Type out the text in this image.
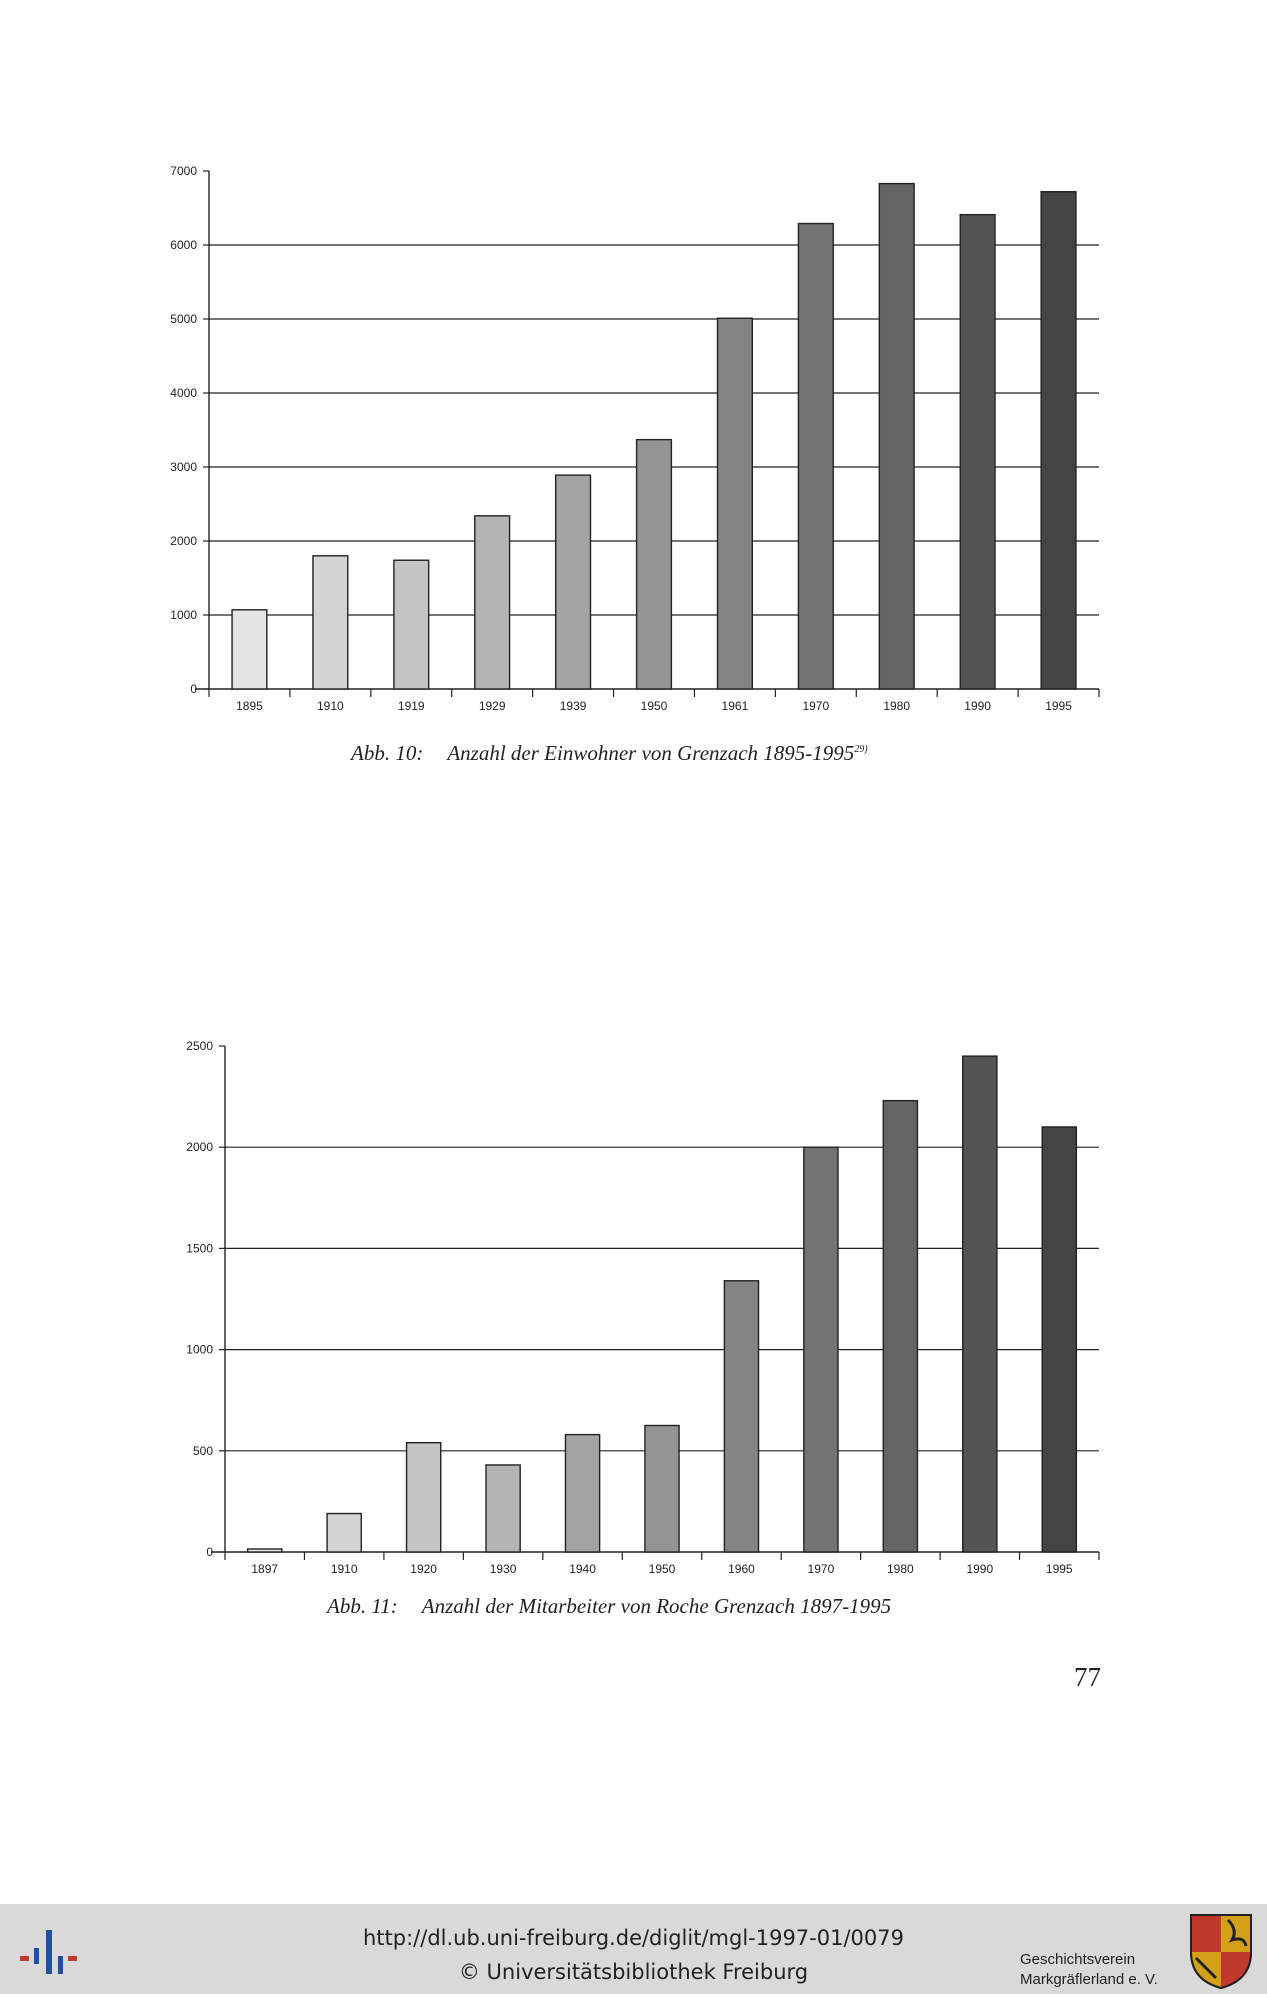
0
1000
2000
3000
4000
5000
6000
7000
1895	1910	1919	1929	1939	1950	1961	1970	1980	1990	1995
Abb. 10: Anzahl der Einwohner von Grenzach 1895-1995$^{29)}$
0
500
1000
1500
2000
2500
1897	1910	1920	1930	1940	1950	1960	1970	1980	1990	1995
Abb. 11: Anzahl der Mitarbeiter von Roche Grenzach 1897-1995
77
http://dl.ub.uni-freiburg.de/diglit/mgl-1997-01/0079
© Universitätsbibliothek Freiburg
Geschichtsverein
Markgräflerland e. V.
